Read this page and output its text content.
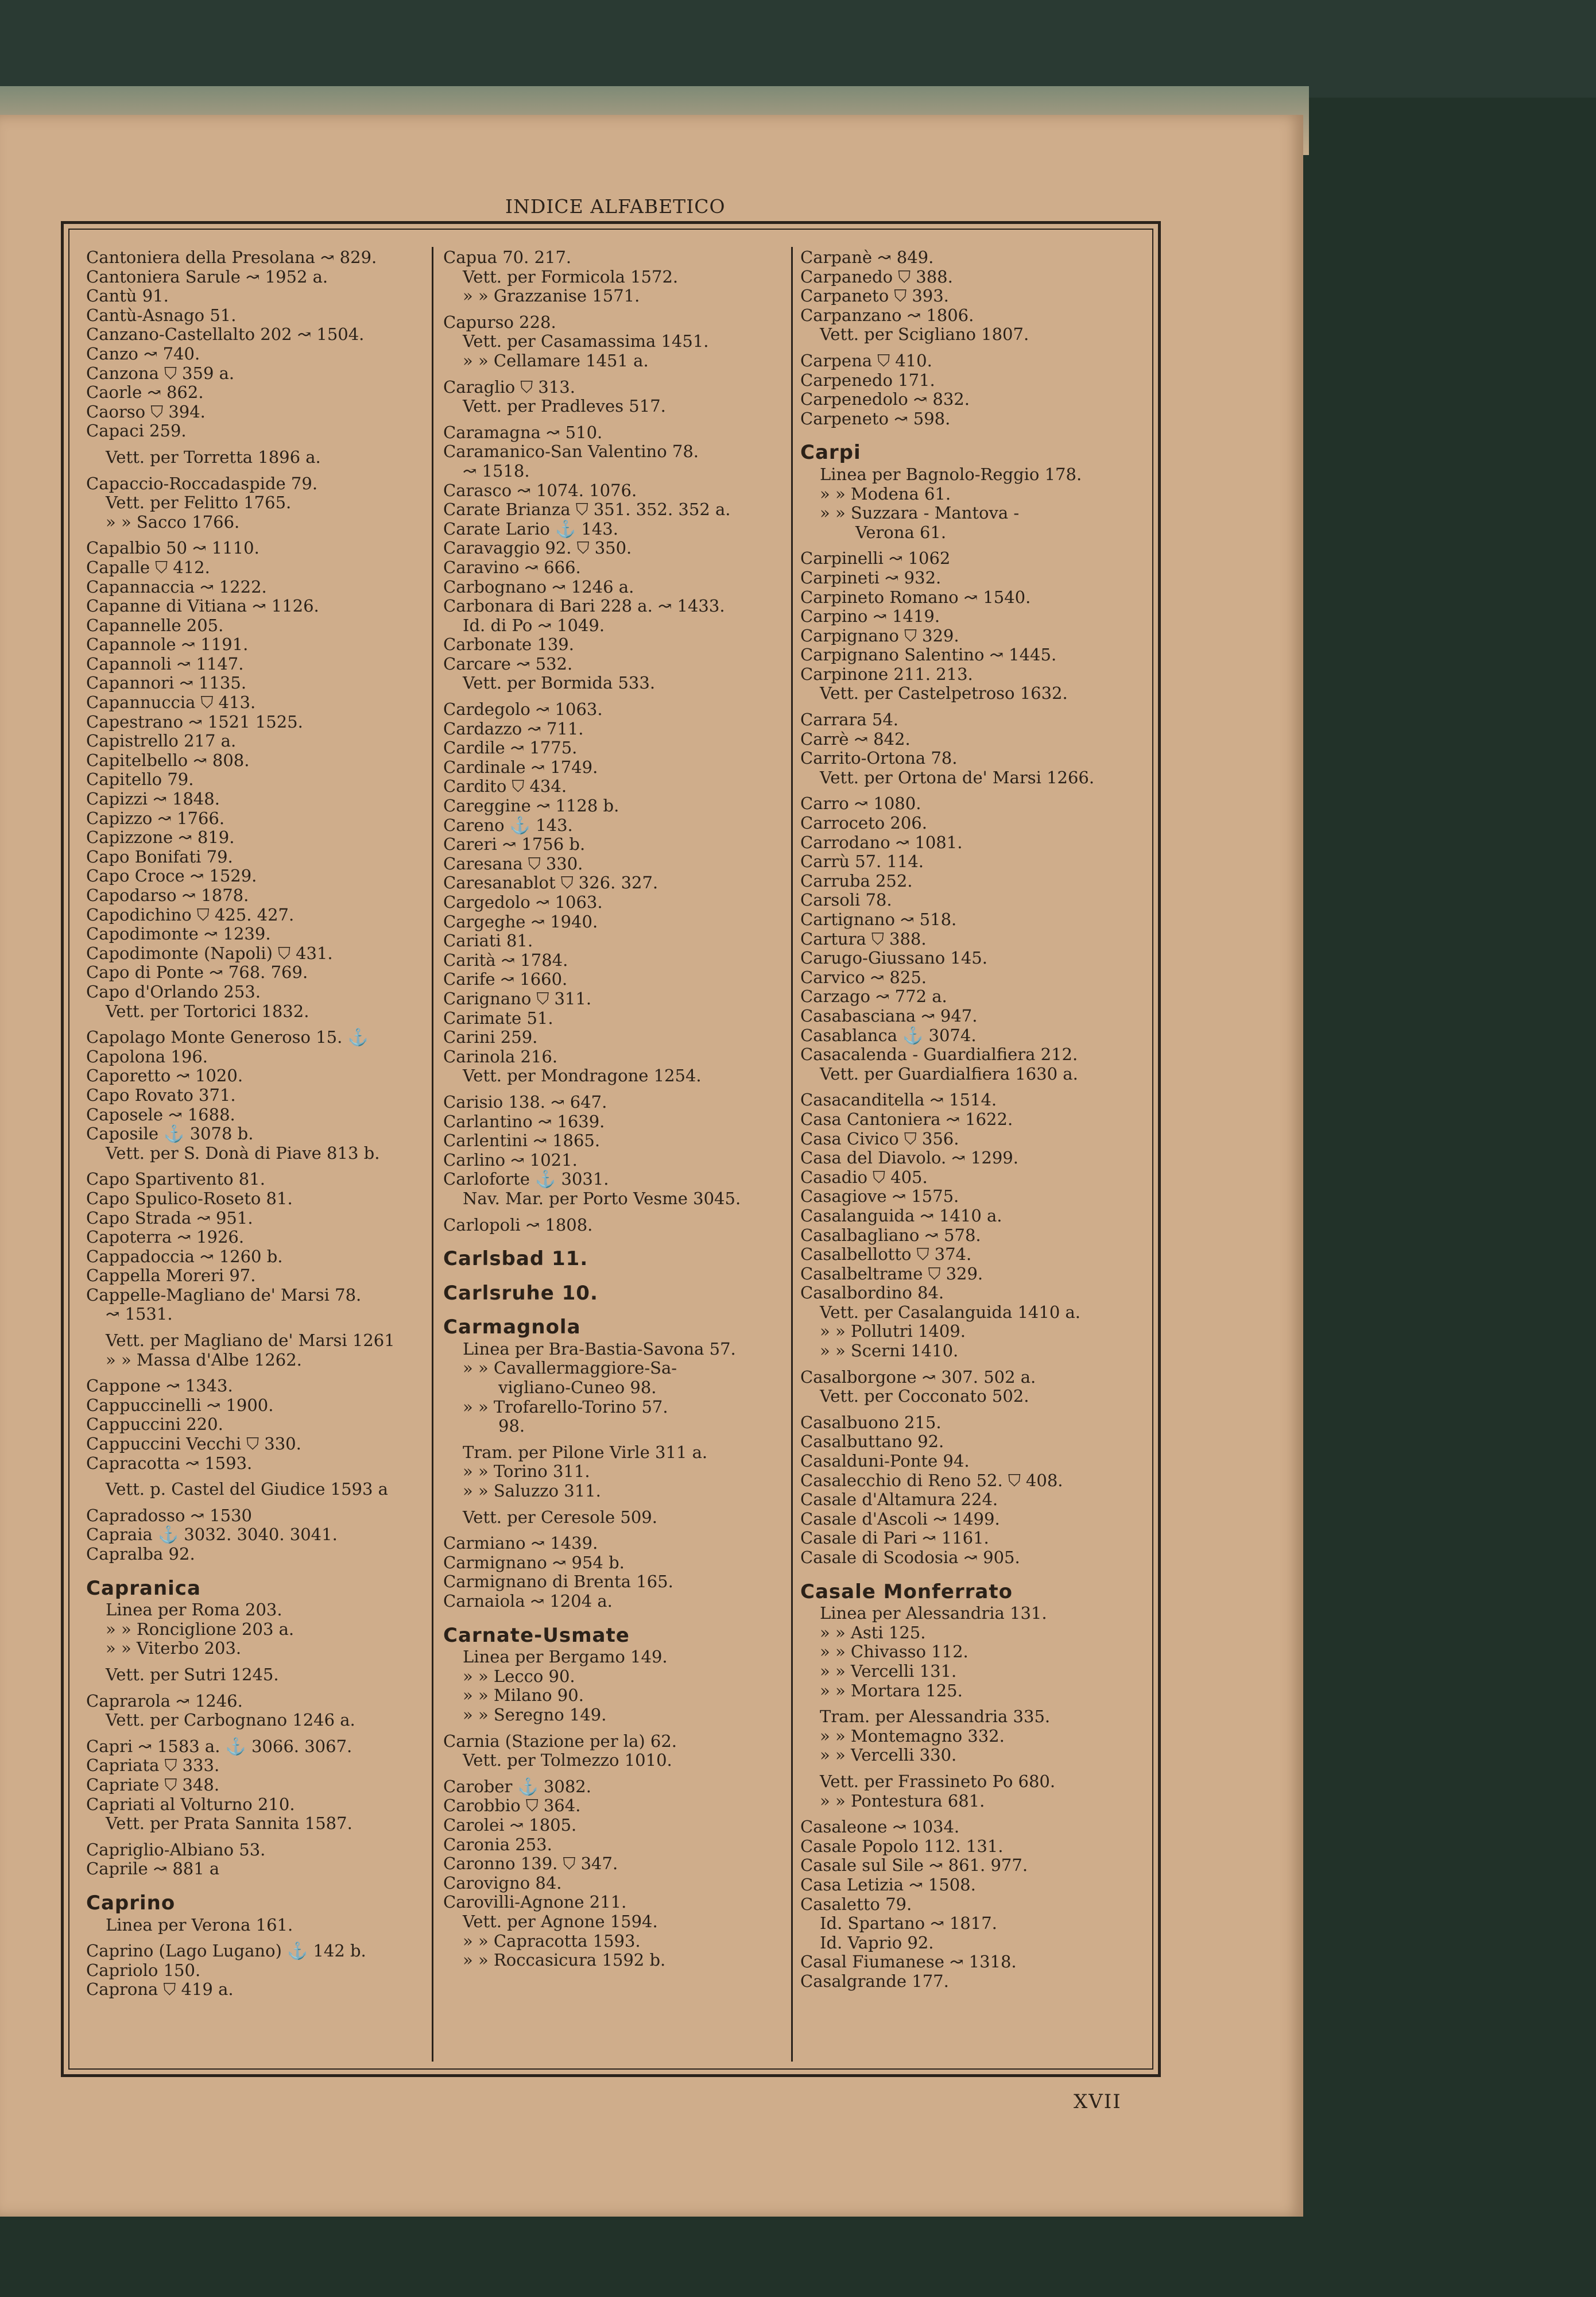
INDICE ALFABETICO
Cantoniera della Presolana ↝ 829.
Cantoniera Sarule ↝ 1952 a.
Cantù 91.
Cantù-Asnago 51.
Canzano-Castellalto 202 ↝ 1504.
Canzo ↝ 740.
Canzona ⛉ 359 a.
Caorle ↝ 862.
Caorso ⛉ 394.
Capaci 259.
Vett. per Torretta 1896 a.
Capaccio-Roccadaspide 79.
Vett. per Felitto 1765.
» » Sacco 1766.
Capalbio 50 ↝ 1110.
Capalle ⛉ 412.
Capannaccia ↝ 1222.
Capanne di Vitiana ↝ 1126.
Capannelle 205.
Capannole ↝ 1191.
Capannoli ↝ 1147.
Capannori ↝ 1135.
Capannuccia ⛉ 413.
Capestrano ↝ 1521 1525.
Capistrello 217 a.
Capitelbello ↝ 808.
Capitello 79.
Capizzi ↝ 1848.
Capizzo ↝ 1766.
Capizzone ↝ 819.
Capo Bonifati 79.
Capo Croce ↝ 1529.
Capodarso ↝ 1878.
Capodichino ⛉ 425. 427.
Capodimonte ↝ 1239.
Capodimonte (Napoli) ⛉ 431.
Capo di Ponte ↝ 768. 769.
Capo d'Orlando 253.
Vett. per Tortorici 1832.
Capolago Monte Generoso 15. ⚓
Capolona 196.
Caporetto ↝ 1020.
Capo Rovato 371.
Caposele ↝ 1688.
Caposile ⚓ 3078 b.
Vett. per S. Donà di Piave 813 b.
Capo Spartivento 81.
Capo Spulico-Roseto 81.
Capo Strada ↝ 951.
Capoterra ↝ 1926.
Cappadoccia ↝ 1260 b.
Cappella Moreri 97.
Cappelle-Magliano de' Marsi 78.
↝ 1531.
Vett. per Magliano de' Marsi 1261
» » Massa d'Albe 1262.
Cappone ↝ 1343.
Cappuccinelli ↝ 1900.
Cappuccini 220.
Cappuccini Vecchi ⛉ 330.
Capracotta ↝ 1593.
Vett. p. Castel del Giudice 1593 a
Capradosso ↝ 1530
Capraia ⚓ 3032. 3040. 3041.
Capralba 92.
Capranica
Linea per Roma 203.
» » Ronciglione 203 a.
» » Viterbo 203.
Vett. per Sutri 1245.
Caprarola ↝ 1246.
Vett. per Carbognano 1246 a.
Capri ↝ 1583 a. ⚓ 3066. 3067.
Capriata ⛉ 333.
Capriate ⛉ 348.
Capriati al Volturno 210.
Vett. per Prata Sannita 1587.
Capriglio-Albiano 53.
Caprile ↝ 881 a
Caprino
Linea per Verona 161.
Caprino (Lago Lugano) ⚓ 142 b.
Capriolo 150.
Caprona ⛉ 419 a.
Capua 70. 217.
Vett. per Formicola 1572.
» » Grazzanise 1571.
Capurso 228.
Vett. per Casamassima 1451.
» » Cellamare 1451 a.
Caraglio ⛉ 313.
Vett. per Pradleves 517.
Caramagna ↝ 510.
Caramanico-San Valentino 78.
↝ 1518.
Carasco ↝ 1074. 1076.
Carate Brianza ⛉ 351. 352. 352 a.
Carate Lario ⚓ 143.
Caravaggio 92. ⛉ 350.
Caravino ↝ 666.
Carbognano ↝ 1246 a.
Carbonara di Bari 228 a. ↝ 1433.
Id. di Po ↝ 1049.
Carbonate 139.
Carcare ↝ 532.
Vett. per Bormida 533.
Cardegolo ↝ 1063.
Cardazzo ↝ 711.
Cardile ↝ 1775.
Cardinale ↝ 1749.
Cardito ⛉ 434.
Careggine ↝ 1128 b.
Careno ⚓ 143.
Careri ↝ 1756 b.
Caresana ⛉ 330.
Caresanablot ⛉ 326. 327.
Cargedolo ↝ 1063.
Cargeghe ↝ 1940.
Cariati 81.
Carità ↝ 1784.
Carife ↝ 1660.
Carignano ⛉ 311.
Carimate 51.
Carini 259.
Carinola 216.
Vett. per Mondragone 1254.
Carisio 138. ↝ 647.
Carlantino ↝ 1639.
Carlentini ↝ 1865.
Carlino ↝ 1021.
Carloforte ⚓ 3031.
Nav. Mar. per Porto Vesme 3045.
Carlopoli ↝ 1808.
Carlsbad 11.
Carlsruhe 10.
Carmagnola
Linea per Bra-Bastia-Savona 57.
» » Cavallermaggiore-Sa-
vigliano-Cuneo 98.
» » Trofarello-Torino 57.
98.
Tram. per Pilone Virle 311 a.
» » Torino 311.
» » Saluzzo 311.
Vett. per Ceresole 509.
Carmiano ↝ 1439.
Carmignano ↝ 954 b.
Carmignano di Brenta 165.
Carnaiola ↝ 1204 a.
Carnate-Usmate
Linea per Bergamo 149.
» » Lecco 90.
» » Milano 90.
» » Seregno 149.
Carnia (Stazione per la) 62.
Vett. per Tolmezzo 1010.
Carober ⚓ 3082.
Carobbio ⛉ 364.
Carolei ↝ 1805.
Caronia 253.
Caronno 139. ⛉ 347.
Carovigno 84.
Carovilli-Agnone 211.
Vett. per Agnone 1594.
» » Capracotta 1593.
» » Roccasicura 1592 b.
Carpanè ↝ 849.
Carpanedo ⛉ 388.
Carpaneto ⛉ 393.
Carpanzano ↝ 1806.
Vett. per Scigliano 1807.
Carpena ⛉ 410.
Carpenedo 171.
Carpenedolo ↝ 832.
Carpeneto ↝ 598.
Carpi
Linea per Bagnolo-Reggio 178.
» » Modena 61.
» » Suzzara - Mantova -
Verona 61.
Carpinelli ↝ 1062
Carpineti ↝ 932.
Carpineto Romano ↝ 1540.
Carpino ↝ 1419.
Carpignano ⛉ 329.
Carpignano Salentino ↝ 1445.
Carpinone 211. 213.
Vett. per Castelpetroso 1632.
Carrara 54.
Carrè ↝ 842.
Carrito-Ortona 78.
Vett. per Ortona de' Marsi 1266.
Carro ↝ 1080.
Carroceto 206.
Carrodano ↝ 1081.
Carrù 57. 114.
Carruba 252.
Carsoli 78.
Cartignano ↝ 518.
Cartura ⛉ 388.
Carugo-Giussano 145.
Carvico ↝ 825.
Carzago ↝ 772 a.
Casabasciana ↝ 947.
Casablanca ⚓ 3074.
Casacalenda - Guardialfiera 212.
Vett. per Guardialfiera 1630 a.
Casacanditella ↝ 1514.
Casa Cantoniera ↝ 1622.
Casa Civico ⛉ 356.
Casa del Diavolo. ↝ 1299.
Casadio ⛉ 405.
Casagiove ↝ 1575.
Casalanguida ↝ 1410 a.
Casalbagliano ↝ 578.
Casalbellotto ⛉ 374.
Casalbeltrame ⛉ 329.
Casalbordino 84.
Vett. per Casalanguida 1410 a.
» » Pollutri 1409.
» » Scerni 1410.
Casalborgone ↝ 307. 502 a.
Vett. per Cocconato 502.
Casalbuono 215.
Casalbuttano 92.
Casalduni-Ponte 94.
Casalecchio di Reno 52. ⛉ 408.
Casale d'Altamura 224.
Casale d'Ascoli ↝ 1499.
Casale di Pari ↝ 1161.
Casale di Scodosia ↝ 905.
Casale Monferrato
Linea per Alessandria 131.
» » Asti 125.
» » Chivasso 112.
» » Vercelli 131.
» » Mortara 125.
Tram. per Alessandria 335.
» » Montemagno 332.
» » Vercelli 330.
Vett. per Frassineto Po 680.
» » Pontestura 681.
Casaleone ↝ 1034.
Casale Popolo 112. 131.
Casale sul Sile ↝ 861. 977.
Casa Letizia ↝ 1508.
Casaletto 79.
Id. Spartano ↝ 1817.
Id. Vaprio 92.
Casal Fiumanese ↝ 1318.
Casalgrande 177.
XVII
